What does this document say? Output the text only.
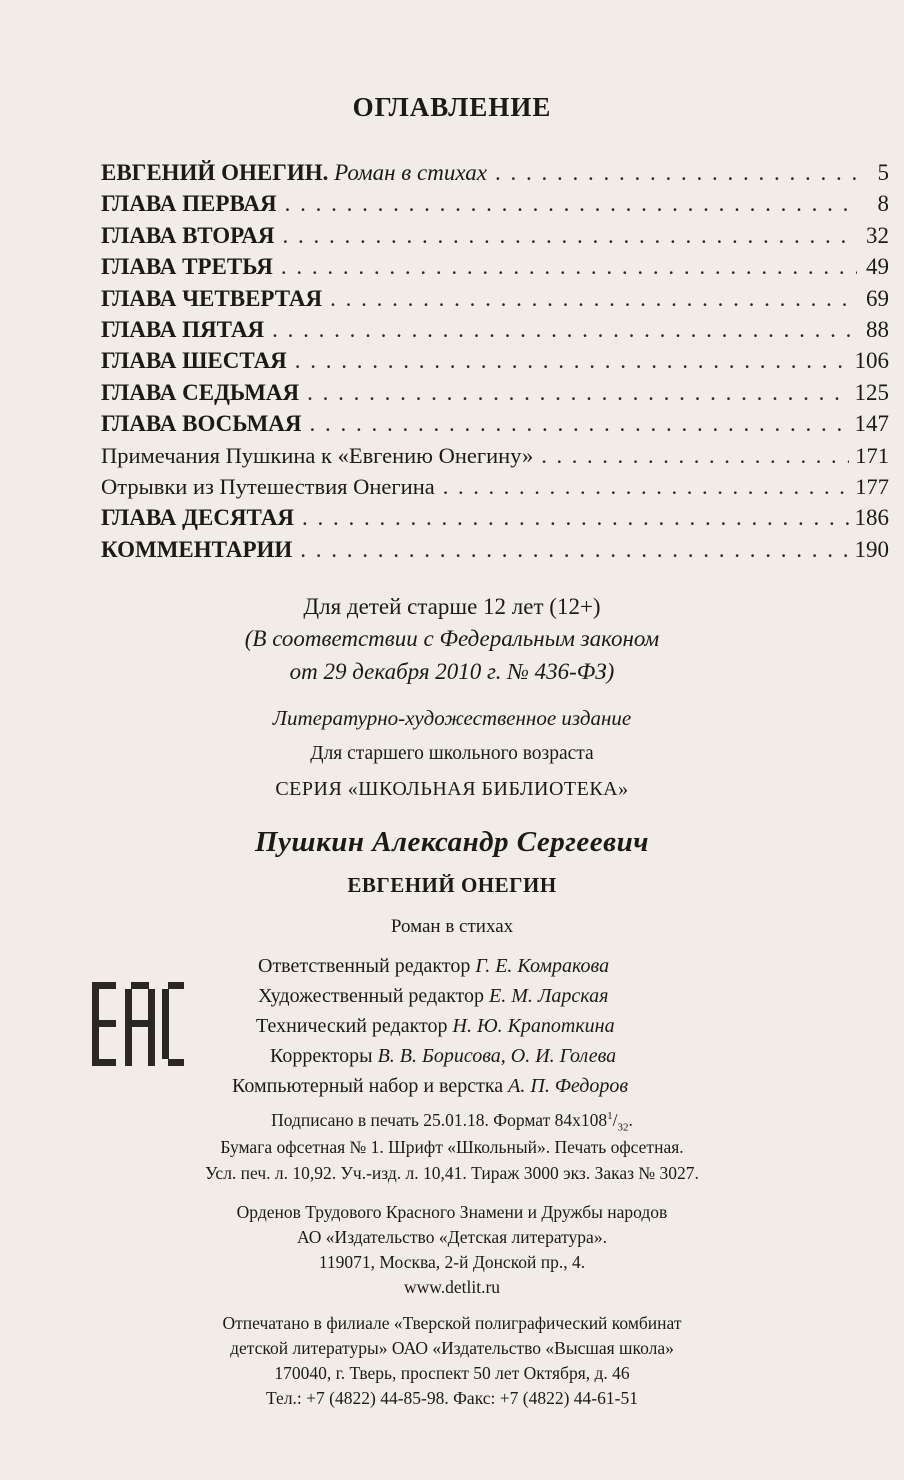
ОГЛАВЛЕНИЕ
ЕВГЕНИЙ ОНЕГИН. Роман в стихах . . .	5
ГЛАВА ПЕРВАЯ . . .	8
ГЛАВА ВТОРАЯ . . .	32
ГЛАВА ТРЕТЬЯ . . .	49
ГЛАВА ЧЕТВЕРТАЯ . . .	69
ГЛАВА ПЯТАЯ . . .	88
ГЛАВА ШЕСТАЯ . . .	106
ГЛАВА СЕДЬМАЯ . . .	125
ГЛАВА ВОСЬМАЯ . . .	147
Примечания Пушкина к «Евгению Онегину» . . .	171
Отрывки из Путешествия Онегина . . .	177
ГЛАВА ДЕСЯТАЯ . . .	186
КОММЕНТАРИИ . . .	190
Для детей старше 12 лет (12+)
(В соответствии с Федеральным законом
от 29 декабря 2010 г. № 436-ФЗ)
Литературно-художественное издание
Для старшего школьного возраста
СЕРИЯ «ШКОЛЬНАЯ БИБЛИОТЕКА»
Пушкин Александр Сергеевич
ЕВГЕНИЙ ОНЕГИН
Роман в стихах
Ответственный редактор Г. Е. Комракова
Художественный редактор Е. М. Ларская
Технический редактор Н. Ю. Крапоткина
Корректоры В. В. Борисова, О. И. Голева
Компьютерный набор и верстка А. П. Федоров
Подписано в печать 25.01.18. Формат $84x108^1/_{32}$.
Бумага офсетная № 1. Шрифт «Школьный». Печать офсетная.
Усл. печ. л. 10,92. Уч.-изд. л. 10,41. Тираж 3000 экз. Заказ № 3027.
Орденов Трудового Красного Знамени и Дружбы народов
АО «Издательство «Детская литература».
119071, Москва, 2-й Донской пр., 4.
www.detlit.ru
Отпечатано в филиале «Тверской полиграфический комбинат
детской литературы» ОАО «Издательство «Высшая школа»
170040, г. Тверь, проспект 50 лет Октября, д. 46
Тел.: +7 (4822) 44-85-98. Факс: +7 (4822) 44-61-51
